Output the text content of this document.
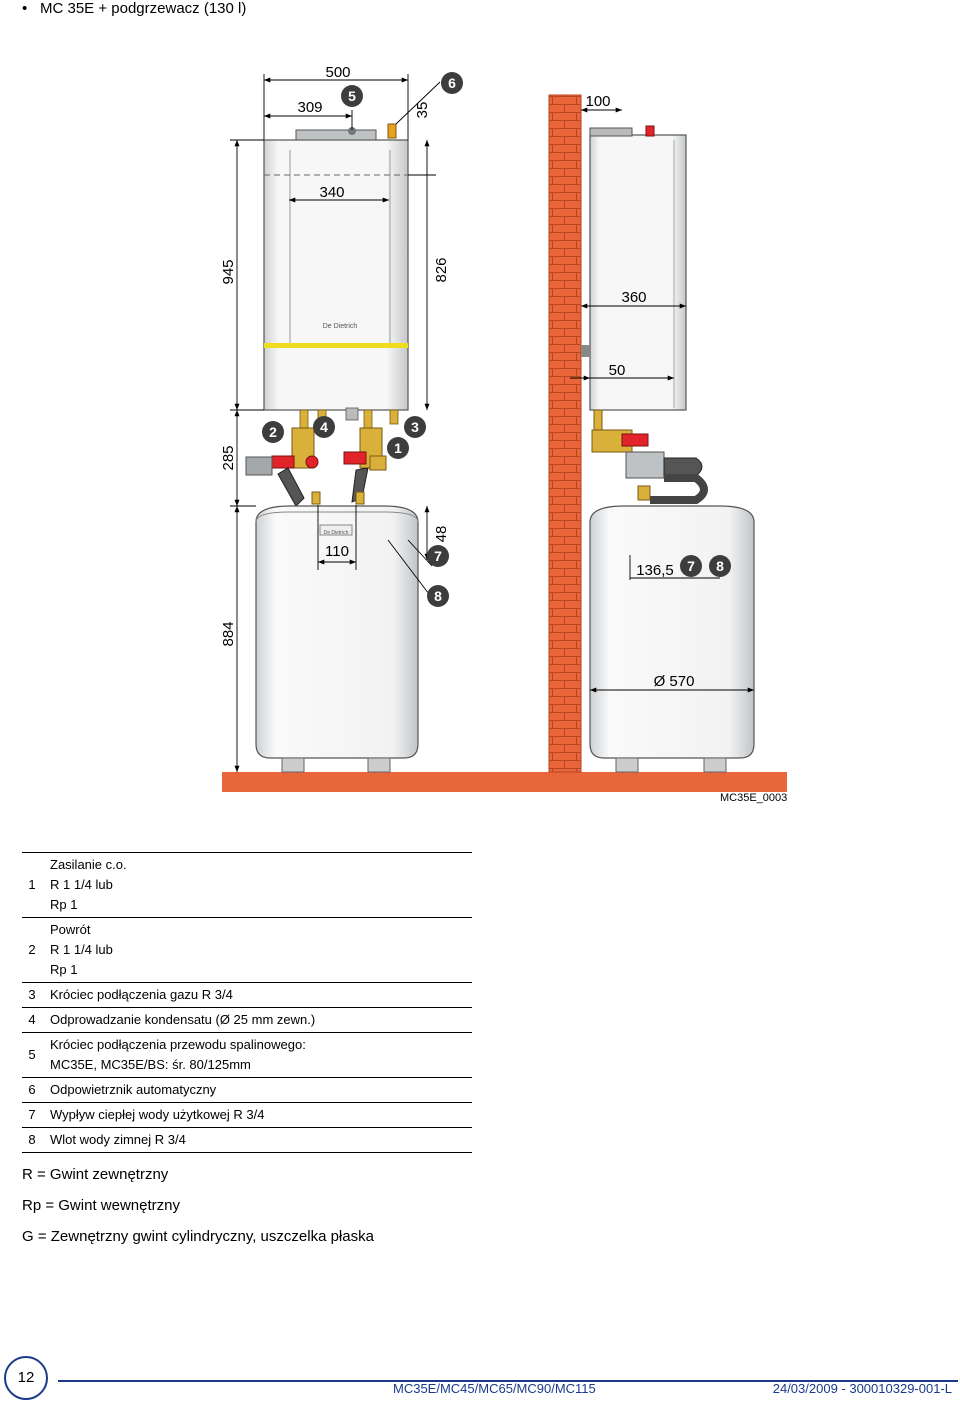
• MC 35E + podgrzewacz (130 l)
500
309	35
340
945	826
285
884
48
110
100
360
50
136,5
Ø 570
De Dietrich
De Dietrich
5
6
2	4	3
1
7
8
7 8
MC35E_0003
1	Zasilanie c.o.
R 1 1/4 lub
Rp 1

2	Powrót
R 1 1/4 lub
Rp 1

3	Króciec podłączenia gazu R 3/4

4	Odprowadzanie kondensatu (Ø 25 mm zewn.)

5	Króciec podłączenia przewodu spalinowego:
MC35E, MC35E/BS: śr. 80/125mm

6	Odpowietrznik automatyczny

7	Wypływ ciepłej wody użytkowej R 3/4

8	Wlot wody zimnej R 3/4
R = Gwint zewnętrzny
Rp = Gwint wewnętrzny
G = Zewnętrzny gwint cylindryczny, uszczelka płaska
12
MC35E/MC45/MC65/MC90/MC115	24/03/2009 - 300010329-001-L
